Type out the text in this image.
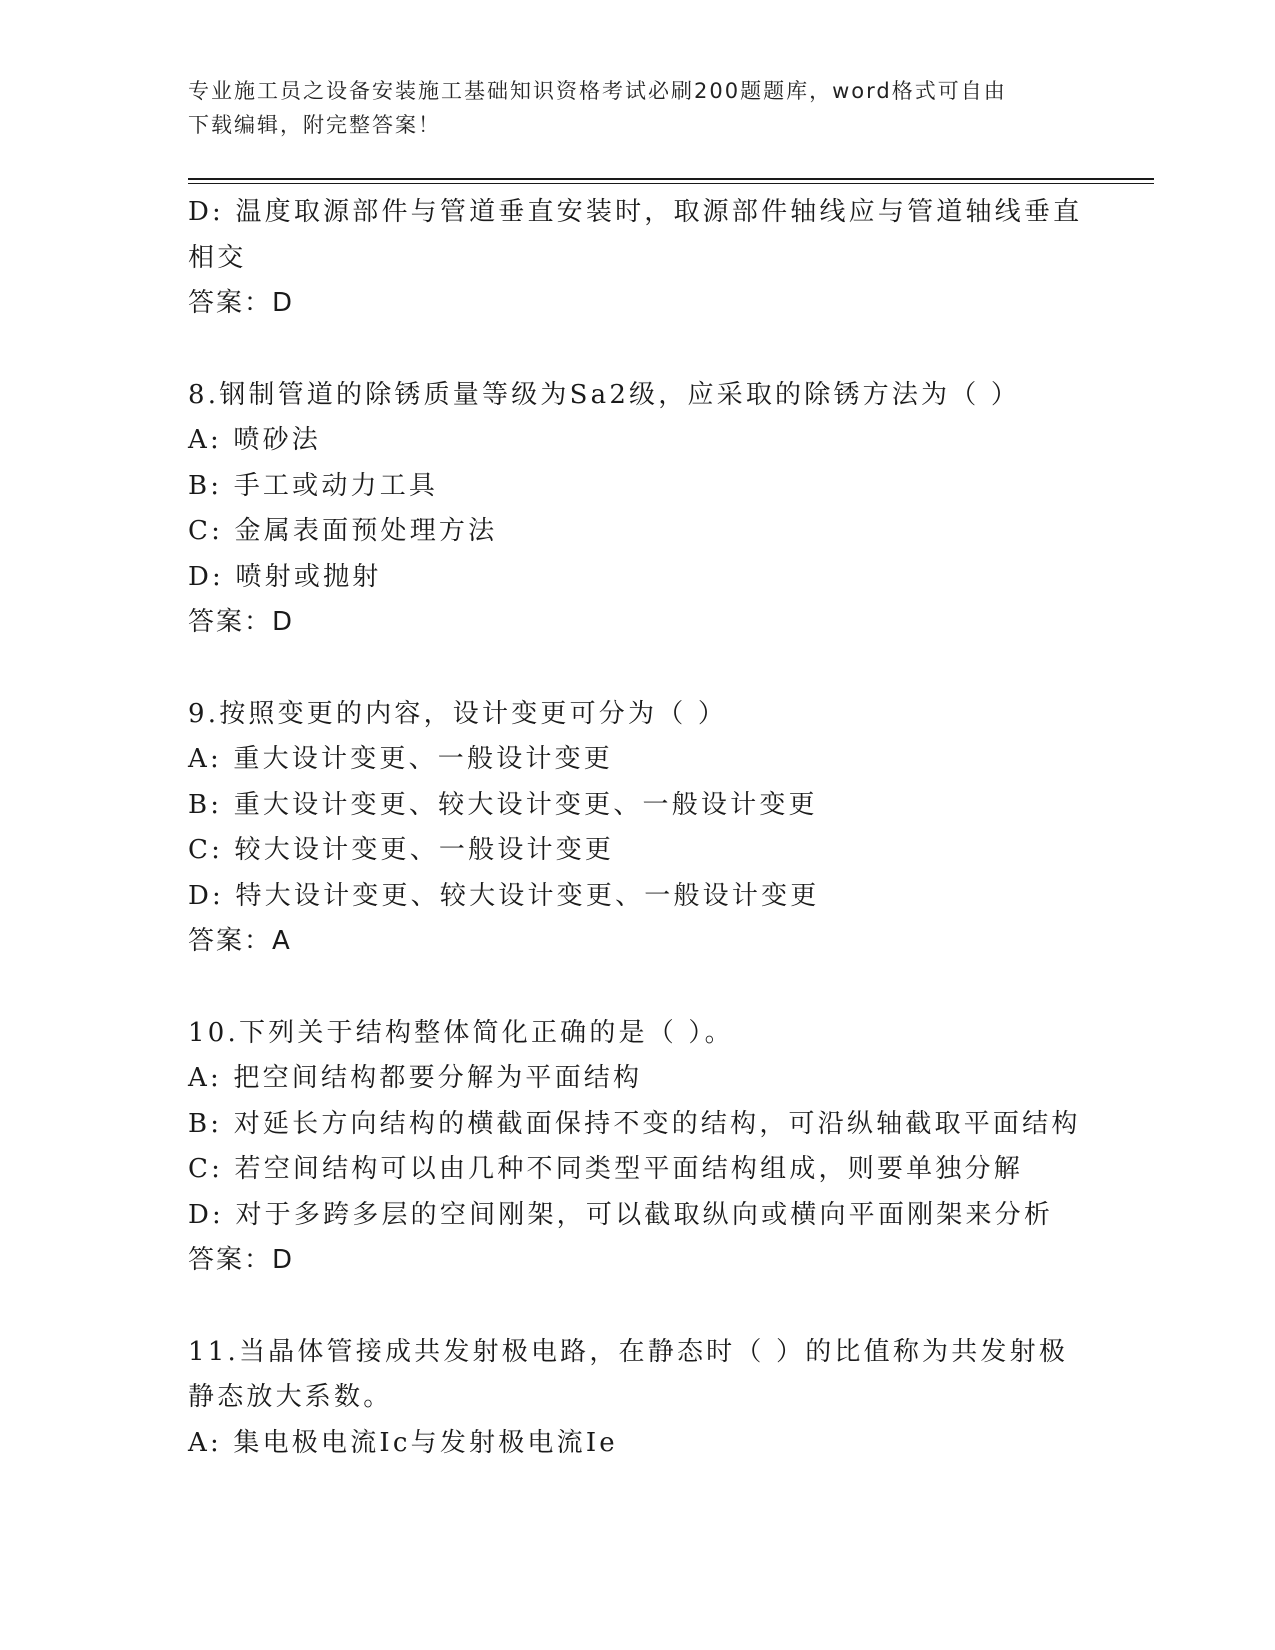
专业施工员之设备安装施工基础知识资格考试必刷200题题库，word格式可自由
下载编辑，附完整答案！
D: 温度取源部件与管道垂直安装时，取源部件轴线应与管道轴线垂直
相交
答案：D
8.钢制管道的除锈质量等级为Sa2级，应采取的除锈方法为（ ）
A: 喷砂法
B: 手工或动力工具
C: 金属表面预处理方法
D: 喷射或抛射
答案：D
9.按照变更的内容，设计变更可分为（ ）
A: 重大设计变更、一般设计变更
B: 重大设计变更、较大设计变更、一般设计变更
C: 较大设计变更、一般设计变更
D: 特大设计变更、较大设计变更、一般设计变更
答案：A
10.下列关于结构整体简化正确的是（ ）。
A: 把空间结构都要分解为平面结构
B: 对延长方向结构的横截面保持不变的结构，可沿纵轴截取平面结构
C: 若空间结构可以由几种不同类型平面结构组成，则要单独分解
D: 对于多跨多层的空间刚架，可以截取纵向或横向平面刚架来分析
答案：D
11.当晶体管接成共发射极电路，在静态时（ ）的比值称为共发射极
静态放大系数。
A: 集电极电流Ic与发射极电流Ie
